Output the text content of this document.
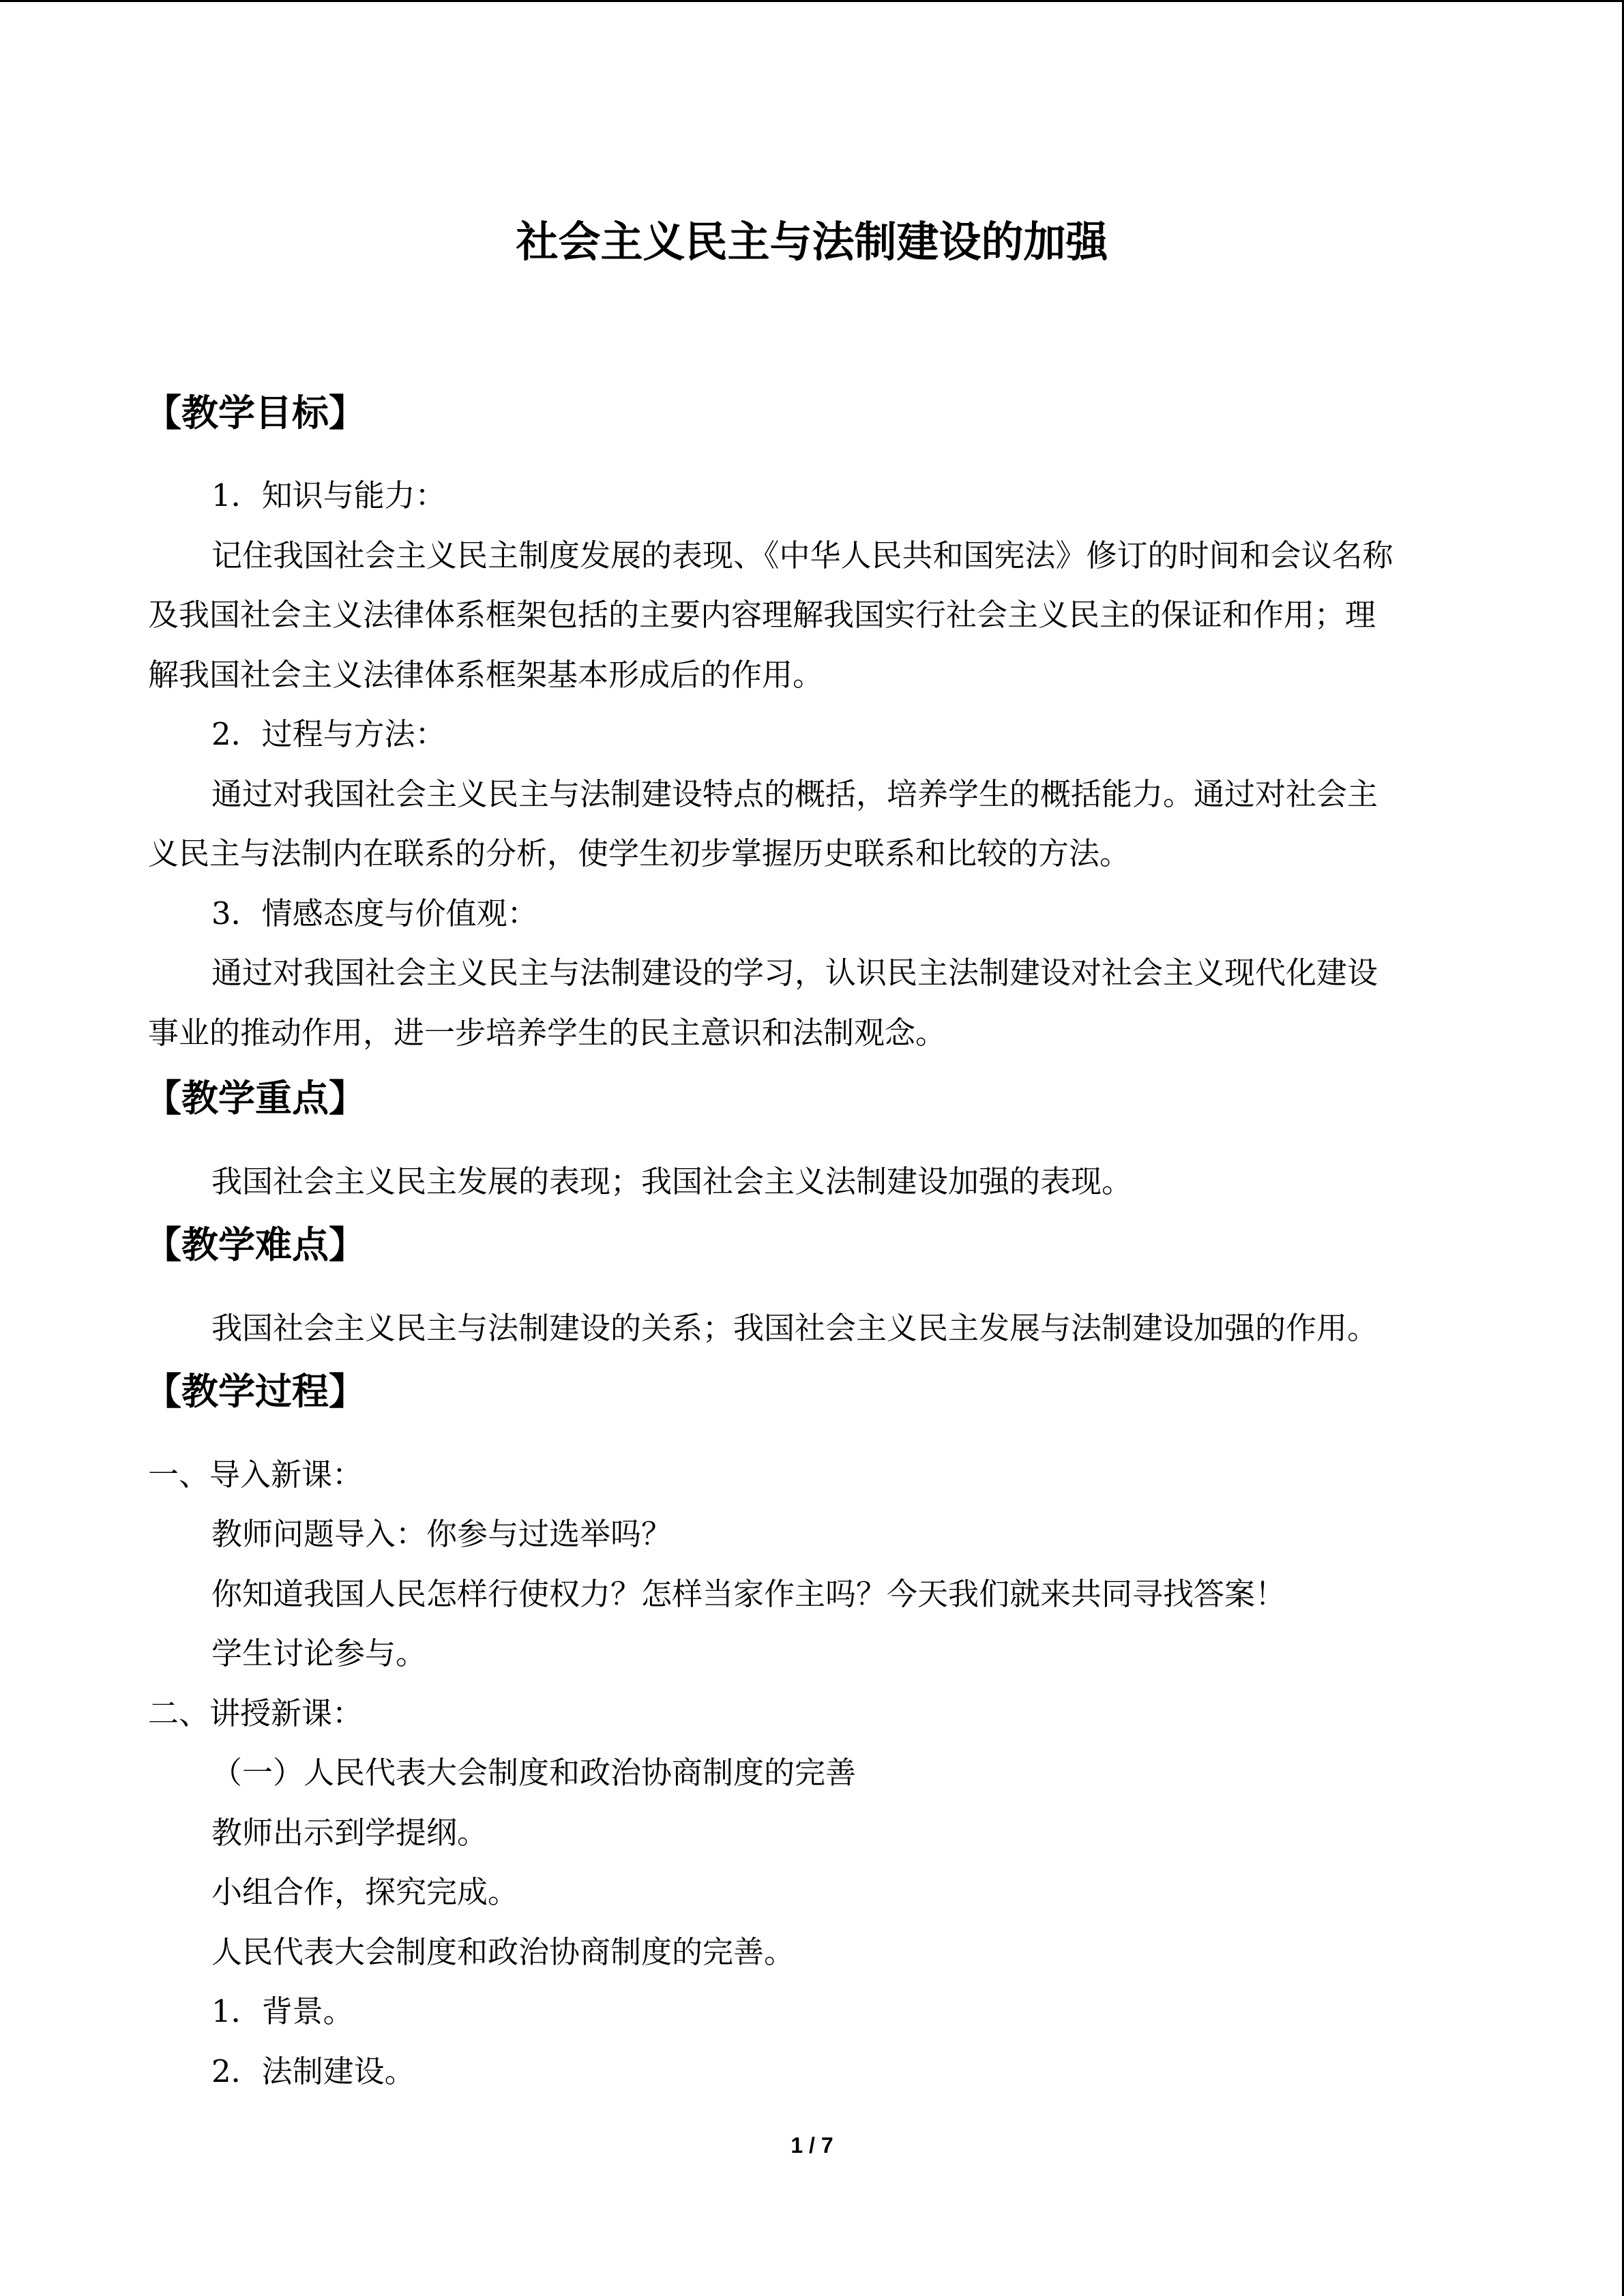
社会主义民主与法制建设的加强
【教学目标】
1．知识与能力：
记住我国社会主义民主制度发展的表现、《中华人民共和国宪法》修订的时间和会议名称
及我国社会主义法律体系框架包括的主要内容理解我国实行社会主义民主的保证和作用；理
解我国社会主义法律体系框架基本形成后的作用。
2．过程与方法：
通过对我国社会主义民主与法制建设特点的概括，培养学生的概括能力。通过对社会主
义民主与法制内在联系的分析，使学生初步掌握历史联系和比较的方法。
3．情感态度与价值观：
通过对我国社会主义民主与法制建设的学习，认识民主法制建设对社会主义现代化建设
事业的推动作用，进一步培养学生的民主意识和法制观念。
【教学重点】
我国社会主义民主发展的表现；我国社会主义法制建设加强的表现。
【教学难点】
我国社会主义民主与法制建设的关系；我国社会主义民主发展与法制建设加强的作用。
【教学过程】
一、导入新课：
教师问题导入：你参与过选举吗？
你知道我国人民怎样行使权力？怎样当家作主吗？今天我们就来共同寻找答案！
学生讨论参与。
二、讲授新课：
（一）人民代表大会制度和政治协商制度的完善
教师出示到学提纲。
小组合作，探究完成。
人民代表大会制度和政治协商制度的完善。
1．背景。
2．法制建设。
1 / 7
